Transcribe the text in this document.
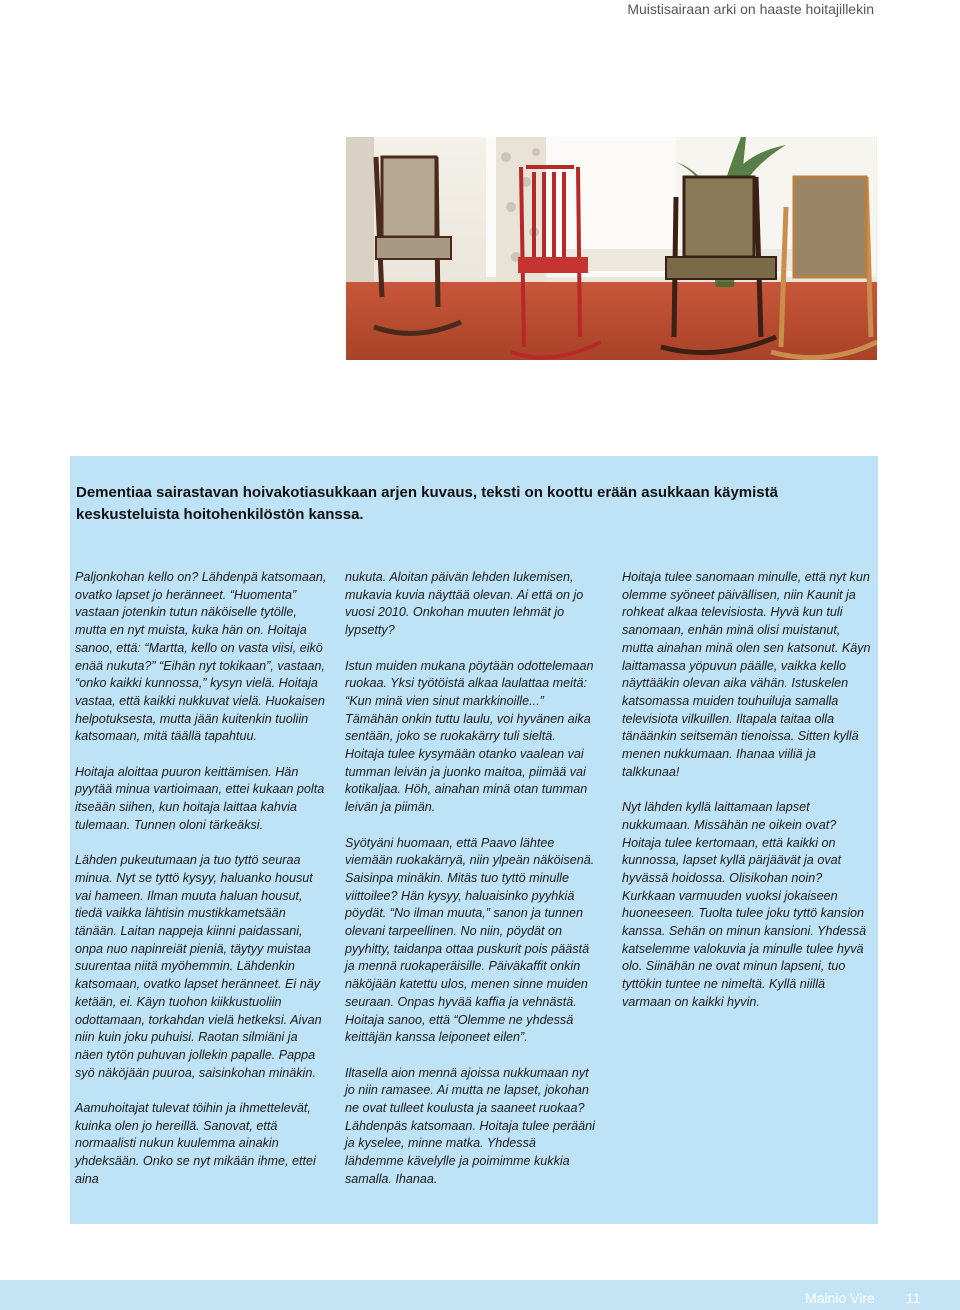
Muistisairaan arki on haaste hoitajillekin
Dementiaa sairastavan hoivakotiasukkaan arjen kuvaus, teksti on koottu erään asukkaan käymistä keskusteluista hoitohenkilöstön kanssa.

Paljonkohan kello on? Lähdenpä katsomaan, ovatko lapset jo heränneet. “Huomenta” vastaan jotenkin tutun näköiselle tytölle, mutta en nyt muista, kuka hän on. Hoitaja sanoo, että: “Martta, kello on vasta viisi, eikö enää nukuta?” “Eihän nyt tokikaan”, vastaan, “onko kaikki kunnossa,” kysyn vielä. Hoitaja vastaa, että kaikki nukkuvat vielä. Huokaisen helpotuksesta, mutta jään kuitenkin tuoliin katsomaan, mitä täällä tapahtuu.

Hoitaja aloittaa puuron keittämisen. Hän pyytää minua vartioimaan, ettei kukaan polta itseään siihen, kun hoitaja laittaa kahvia tulemaan. Tunnen oloni tärkeäksi.

Lähden pukeutumaan ja tuo tyttö seuraa minua. Nyt se tyttö kysyy, haluanko housut vai hameen. Ilman muuta haluan housut, tiedä vaikka lähtisin mustikkametsään tänään. Laitan nappeja kiinni paidassani, onpa nuo napinreiät pieniä, täytyy muistaa suurentaa niitä myöhemmin. Lähdenkin katsomaan, ovatko lapset heränneet. Ei näy ketään, ei. Käyn tuohon kiikkustuoliin odottamaan, torkahdan vielä hetkeksi. Aivan niin kuin joku puhuisi. Raotan silmiäni ja näen tytön puhuvan jollekin papalle. Pappa syö näköjään puuroa, saisinkohan minäkin.

Aamuhoitajat tulevat töihin ja ihmettelevät, kuinka olen jo hereillä. Sanovat, että normaalisti nukun kuulemma ainakin yhdeksään. Onko se nyt mikään ihme, ettei aina

nukuta. Aloitan päivän lehden lukemisen, mukavia kuvia näyttää olevan. Ai että on jo vuosi 2010. Onkohan muuten lehmät jo lypsetty?

Istun muiden mukana pöytään odottelemaan ruokaa. Yksi työtöistä alkaa laulattaa meitä: “Kun minä vien sinut markkinoille...” Tämähän onkin tuttu laulu, voi hyvänen aika sentään, joko se ruokakärry tuli sieltä. Hoitaja tulee kysymään otanko vaalean vai tumman leivän ja juonko maitoa, piimää vai kotikaljaa. Höh, ainahan minä otan tumman leivän ja piimän.

Syötyäni huomaan, että Paavo lähtee viemään ruokakärryä, niin ylpeän näköisenä. Saisinpa minäkin. Mitäs tuo tyttö minulle viittoilee? Hän kysyy, haluaisinko pyyhkiä pöydät. “No ilman muuta,” sanon ja tunnen olevani tarpeellinen. No niin, pöydät on pyyhitty, taidanpa ottaa puskurit pois päästä ja mennä ruokaperäisille. Päiväkaffit onkin näköjään katettu ulos, menen sinne muiden seuraan. Onpas hyvää kaffia ja vehnästä. Hoitaja sanoo, että “Olemme ne yhdessä keittäjän kanssa leiponeet eilen”.

Iltasella aion mennä ajoissa nukkumaan nyt jo niin ramasee. Ai mutta ne lapset, jokohan ne ovat tulleet koulusta ja saaneet ruokaa? Lähdenpäs katsomaan. Hoitaja tulee perääni ja kyselee, minne matka. Yhdessä lähdemme kävelylle ja poimimme kukkia samalla. Ihanaa.

Hoitaja tulee sanomaan minulle, että nyt kun olemme syöneet päivällisen, niin Kaunit ja rohkeat alkaa televisiosta. Hyvä kun tuli sanomaan, enhän minä olisi muistanut, mutta ainahan minä olen sen katsonut. Käyn laittamassa yöpuvun päälle, vaikka kello näyttääkin olevan aika vähän. Istuskelen katsomassa muiden touhuiluja samalla televisiota vilkuillen. Iltapala taitaa olla tänäänkin seitsemän tienoissa. Sitten kyllä menen nukkumaan. Ihanaa viiliä ja talkkunaa!

Nyt lähden kyllä laittamaan lapset nukkumaan. Missähän ne oikein ovat? Hoitaja tulee kertomaan, että kaikki on kunnossa, lapset kyllä pärjäävät ja ovat hyvässä hoidossa. Olisikohan noin? Kurkkaan varmuuden vuoksi jokaiseen huoneeseen. Tuolta tulee joku tyttö kansion kanssa. Sehän on minun kansioni. Yhdessä katselemme valokuvia ja minulle tulee hyvä olo. Siinähän ne ovat minun lapseni, tuo tyttökin tuntee ne nimeltä. Kyllä niillä varmaan on kaikki hyvin.

Mainio Vire 11
